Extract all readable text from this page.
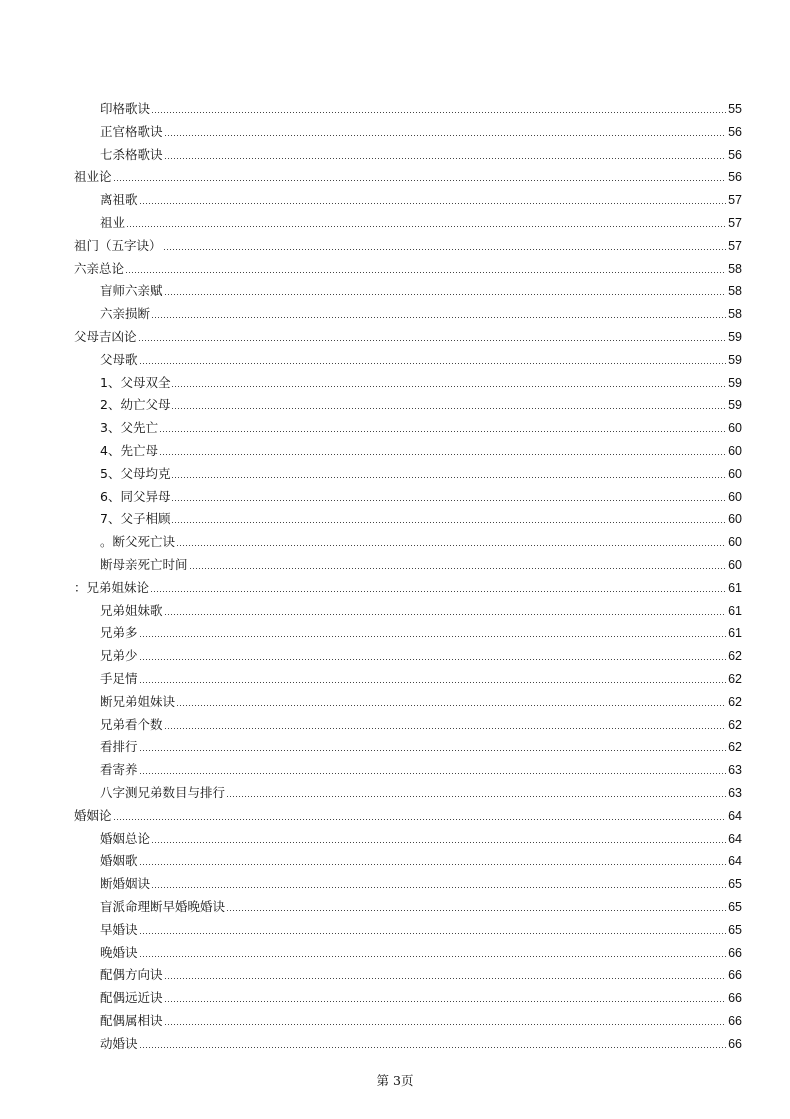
印格歌诀	55
正官格歌诀	56
七杀格歌诀	56
祖业论	56
离祖歌	57
祖业	57
祖门（五字诀）	57
六亲总论	58
盲师六亲赋	58
六亲损断	58
父母吉凶论	59
父母歌	59
1、父母双全	59
2、幼亡父母	59
3、父先亡	60
4、先亡母	60
5、父母均克	60
6、同父异母	60
7、父子相顾	60
。断父死亡诀	60
断母亲死亡时间	60
：兄弟姐妹论	61
兄弟姐妹歌	61
兄弟多	61
兄弟少	62
手足情	62
断兄弟姐妹诀	62
兄弟看个数	62
看排行	62
看寄养	63
八字测兄弟数目与排行	63
婚姻论	64
婚姻总论	64
婚姻歌	64
断婚姻诀	65
盲派命理断早婚晚婚诀	65
早婚诀	65
晚婚诀	66
配偶方向诀	66
配偶远近诀	66
配偶属相诀	66
动婚诀	66
第 3页
